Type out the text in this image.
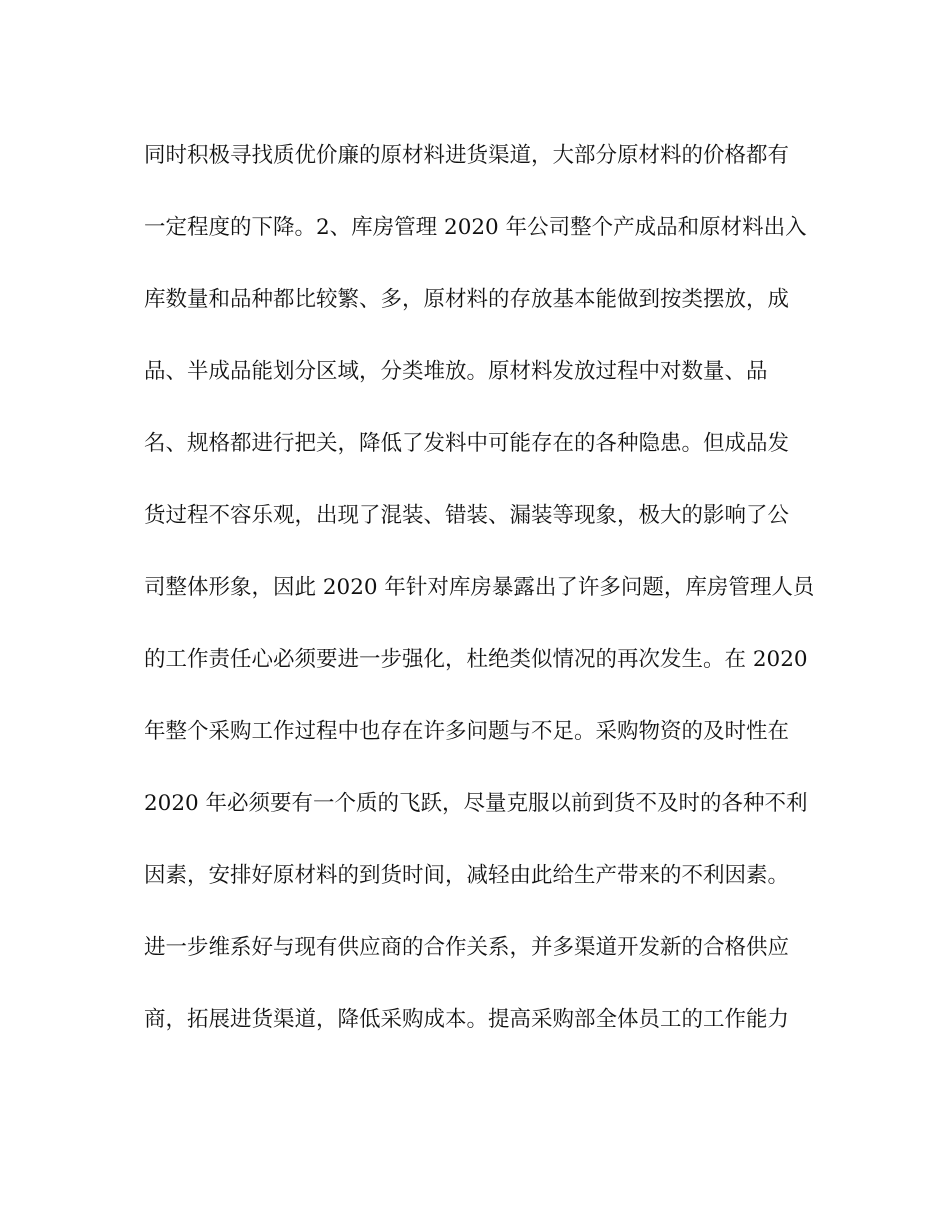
同时积极寻找质优价廉的原材料进货渠道，大部分原材料的价格都有
一定程度的下降。2、库房管理 2020 年公司整个产成品和原材料出入
库数量和品种都比较繁、多，原材料的存放基本能做到按类摆放，成
品、半成品能划分区域，分类堆放。原材料发放过程中对数量、品
名、规格都进行把关，降低了发料中可能存在的各种隐患。但成品发
货过程不容乐观，出现了混装、错装、漏装等现象，极大的影响了公
司整体形象，因此 2020 年针对库房暴露出了许多问题，库房管理人员
的工作责任心必须要进一步强化，杜绝类似情况的再次发生。在 2020
年整个采购工作过程中也存在许多问题与不足。采购物资的及时性在
2020 年必须要有一个质的飞跃，尽量克服以前到货不及时的各种不利
因素，安排好原材料的到货时间，减轻由此给生产带来的不利因素。
进一步维系好与现有供应商的合作关系，并多渠道开发新的合格供应
商，拓展进货渠道，降低采购成本。提高采购部全体员工的工作能力
